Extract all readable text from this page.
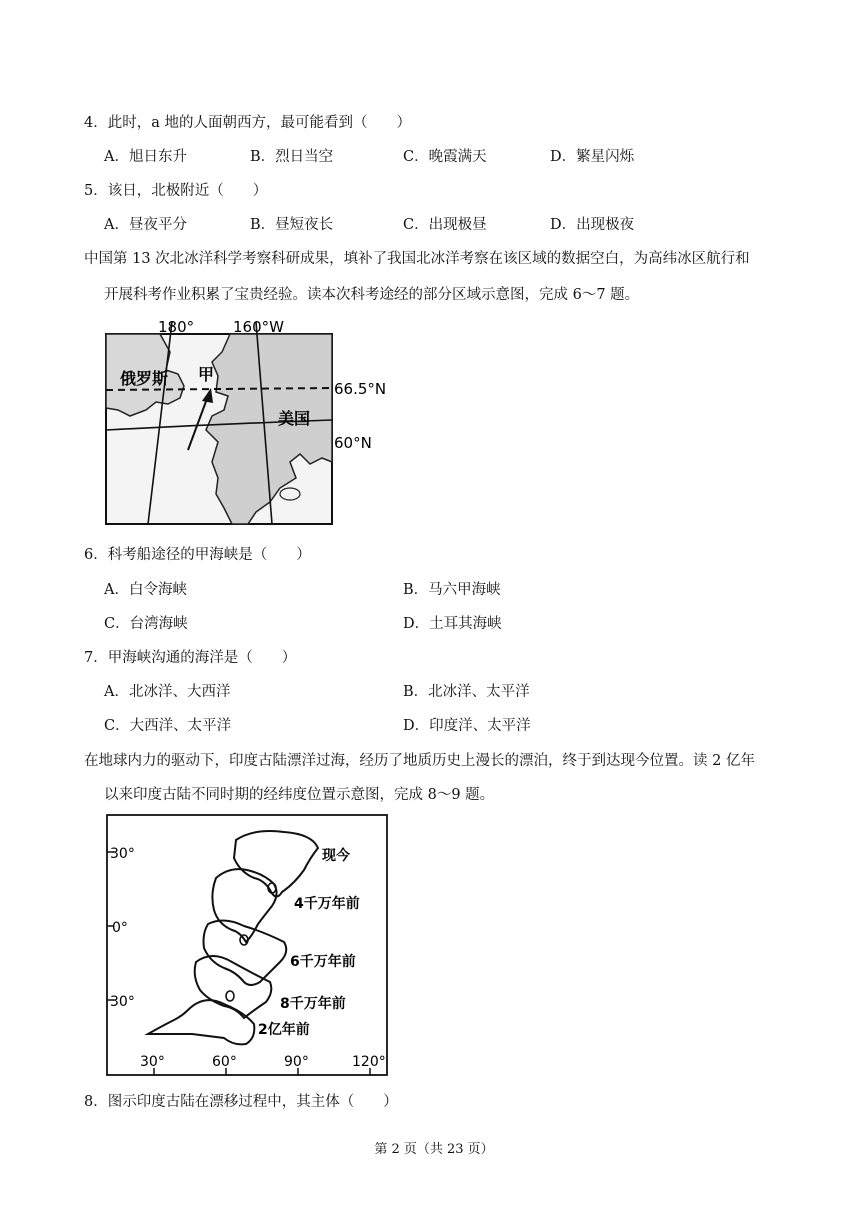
4．此时，a 地的人面朝西方，最可能看到（　　）
A．旭日东升	B．烈日当空	C．晚霞满天	D．繁星闪烁
5．该日，北极附近（　　）
A．昼夜平分	B．昼短夜长	C．出现极昼	D．出现极夜
中国第 13 次北冰洋科学考察科研成果，填补了我国北冰洋考察在该区域的数据空白，为高纬冰区航行和
开展科考作业积累了宝贵经验。读本次科考途经的部分区域示意图，完成 6～7 题。
180°	160°W
66.5°N
60°N
俄罗斯 甲
美国
6．科考船途径的甲海峡是（　　）
A．白令海峡	B．马六甲海峡
C．台湾海峡	D．土耳其海峡
7．甲海峡沟通的海洋是（　　）
A．北冰洋、大西洋	B．北冰洋、太平洋
C．大西洋、太平洋	D．印度洋、太平洋
在地球内力的驱动下，印度古陆漂洋过海，经历了地质历史上漫长的漂泊，终于到达现今位置。读 2 亿年
以来印度古陆不同时期的经纬度位置示意图，完成 8～9 题。
30°
0°
30°
30°	60°	90°	120°
现今
4千万年前
6千万年前
8千万年前
2亿年前
8．图示印度古陆在漂移过程中，其主体（　　）
第 2 页（共 23 页）
